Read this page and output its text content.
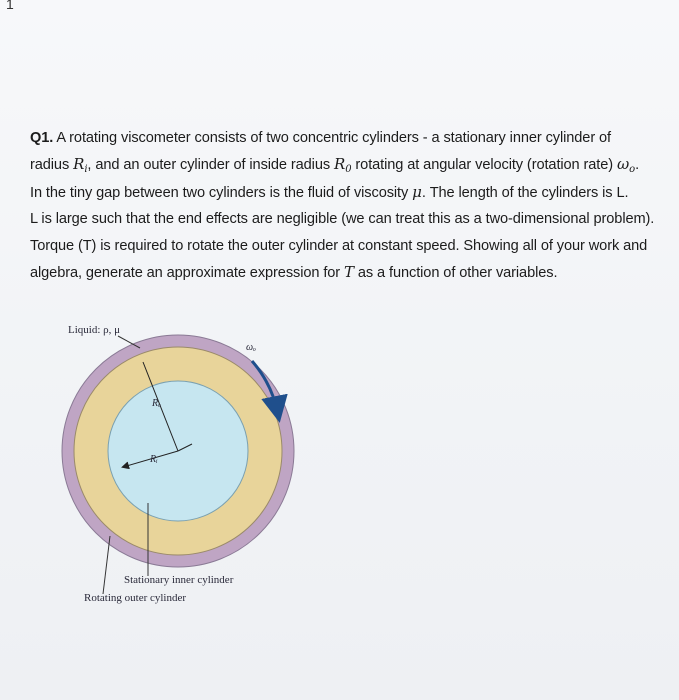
1
Q1. A rotating viscometer consists of two concentric cylinders - a stationary inner cylinder of
radius $R_i$, and an outer cylinder of inside radius $R_0$ rotating at angular velocity (rotation rate) $\omega_o$.
In the tiny gap between two cylinders is the fluid of viscosity μ. The length of the cylinders is L.
L is large such that the end effects are negligible (we can treat this as a two-dimensional problem).
Torque (T) is required to rotate the outer cylinder at constant speed. Showing all of your work and
algebra, generate an approximate expression for T as a function of other variables.
Liquid: ρ, μ
ωₒ
Rₒ
Rᵢ
Stationary inner cylinder
Rotating outer cylinder
